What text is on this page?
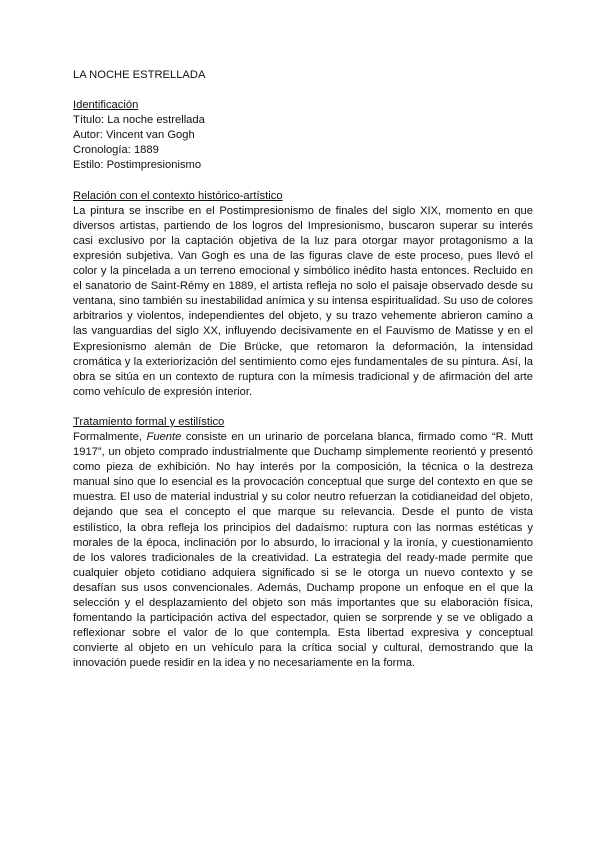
LA NOCHE ESTRELLADA

Identificación

Título: La noche estrellada

Autor: Vincent van Gogh

Cronología: 1889

Estilo: Postimpresionismo

Relación con el contexto histórico-artístico

La pintura se inscribe en el Postimpresionismo de finales del siglo XIX, momento en que diversos artistas, partiendo de los logros del Impresionismo, buscaron superar su interés casi exclusivo por la captación objetiva de la luz para otorgar mayor protagonismo a la expresión subjetiva. Van Gogh es una de las figuras clave de este proceso, pues llevó el color y la pincelada a un terreno emocional y simbólico inédito hasta entonces. Recluido en el sanatorio de Saint-Rémy en 1889, el artista refleja no solo el paisaje observado desde su ventana, sino también su inestabilidad anímica y su intensa espiritualidad. Su uso de colores arbitrarios y violentos, independientes del objeto, y su trazo vehemente abrieron camino a las vanguardias del siglo XX, influyendo decisivamente en el Fauvismo de Matisse y en el Expresionismo alemán de Die Brücke, que retomaron la deformación, la intensidad cromática y la exteriorización del sentimiento como ejes fundamentales de su pintura. Así, la obra se sitúa en un contexto de ruptura con la mímesis tradicional y de afirmación del arte como vehículo de expresión interior.

Tratamiento formal y estilístico

Formalmente, Fuente consiste en un urinario de porcelana blanca, firmado como “R. Mutt 1917”, un objeto comprado industrialmente que Duchamp simplemente reorientó y presentó como pieza de exhibición. No hay interés por la composición, la técnica o la destreza manual sino que lo esencial es la provocación conceptual que surge del contexto en que se muestra. El uso de material industrial y su color neutro refuerzan la cotidianeidad del objeto, dejando que sea el concepto el que marque su relevancia. Desde el punto de vista estilístico, la obra refleja los principios del dadaísmo: ruptura con las normas estéticas y morales de la época, inclinación por lo absurdo, lo irracional y la ironía, y cuestionamiento de los valores tradicionales de la creatividad. La estrategia del ready-made permite que cualquier objeto cotidiano adquiera significado si se le otorga un nuevo contexto y se desafían sus usos convencionales. Además, Duchamp propone un enfoque en el que la selección y el desplazamiento del objeto son más importantes que su elaboración física, fomentando la participación activa del espectador, quien se sorprende y se ve obligado a reflexionar sobre el valor de lo que contempla. Esta libertad expresiva y conceptual convierte al objeto en un vehículo para la crítica social y cultural, demostrando que la innovación puede residir en la idea y no necesariamente en la forma.
